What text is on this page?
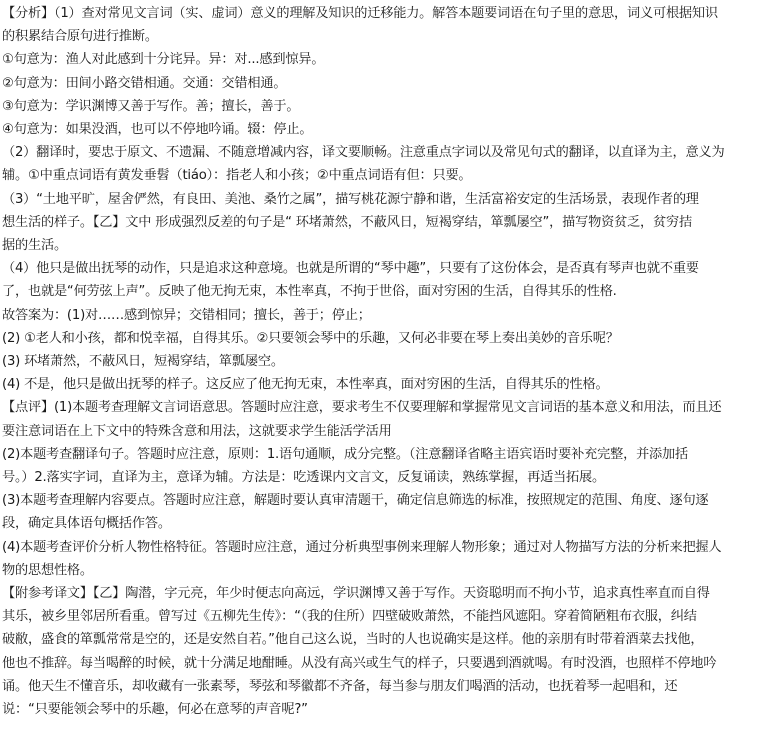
【分析】（1）查对常见文言词（实、虚词）意义的理解及知识的迁移能力。解答本题要词语在句子里的意思，词义可根据知识
的积累结合原句进行推断。
①句意为：渔人对此感到十分诧异。异：对...感到惊异。
②句意为：田间小路交错相通。交通：交错相通。
③句意为：学识渊博又善于写作。善；擅长，善于。
④句意为：如果没酒，也可以不停地吟诵。辍：停止。
（2）翻译时，要忠于原文、不遗漏、不随意增减内容，译文要顺畅。注意重点字词以及常见句式的翻译，以直译为主，意义为
辅。①中重点词语有黄发垂髫（tiáo）：指老人和小孩；②中重点词语有但：只要。
（3）“土地平旷，屋舍俨然，有良田、美池、桑竹之属”，描写桃花源宁静和谐，生活富裕安定的生活场景，表现作者的理
想生活的样子。【乙】文中 形成强烈反差的句子是“ 环堵萧然，不蔽风日，短褐穿结，箪瓢屡空”，描写物资贫乏，贫穷拮
据的生活。
（4）他只是做出抚琴的动作，只是追求这种意境。也就是所谓的“琴中趣”，只要有了这份体会，是否真有琴声也就不重要
了，也就是“何劳弦上声”。反映了他无拘无束，本性率真，不拘于世俗，面对穷困的生活，自得其乐的性格.
故答案为：(1)对……感到惊异；交错相同；擅长，善于；停止；
(2) ①老人和小孩，都和悦幸福，自得其乐。②只要领会琴中的乐趣，又何必非要在琴上奏出美妙的音乐呢？
(3) 环堵萧然，不蔽风日，短褐穿结，箪瓢屡空。
(4) 不是，他只是做出抚琴的样子。这反应了他无拘无束，本性率真，面对穷困的生活，自得其乐的性格。
【点评】(1)本题考查理解文言词语意思。答题时应注意，要求考生不仅要理解和掌握常见文言词语的基本意义和用法，而且还
要注意词语在上下文中的特殊含意和用法，这就要求学生能活学活用
(2)本题考查翻译句子。答题时应注意，原则：1.语句通顺，成分完整。（注意翻译省略主语宾语时要补充完整，并添加括
号。）2.落实字词，直译为主，意译为辅。方法是：吃透课内文言文，反复诵读，熟练掌握，再适当拓展。
(3)本题考查理解内容要点。答题时应注意，解题时要认真审清题干，确定信息筛选的标准，按照规定的范围、角度、逐句逐
段，确定具体语句概括作答。
(4)本题考查评价分析人物性格特征。答题时应注意，通过分析典型事例来理解人物形象；通过对人物描写方法的分析来把握人
物的思想性格。
【附参考译文】【乙】陶潜，字元亮，年少时便志向高远，学识渊博又善于写作。天资聪明而不拘小节，追求真性率直而自得
其乐，被乡里邻居所看重。曾写过《五柳先生传》：“（我的住所）四壁破败萧然，不能挡风遮阳。穿着简陋粗布衣服，纠结
破敝，盛食的箪瓢常常是空的，还是安然自若。”他自己这么说，当时的人也说确实是这样。他的亲朋有时带着酒菜去找他，
他也不推辞。每当喝醉的时候，就十分满足地酣睡。从没有高兴或生气的样子，只要遇到酒就喝。有时没酒，也照样不停地吟
诵。他天生不懂音乐，却收藏有一张素琴，琴弦和琴徽都不齐备，每当参与朋友们喝酒的活动，也抚着琴一起唱和，还
说：“只要能领会琴中的乐趣，何必在意琴的声音呢?”
